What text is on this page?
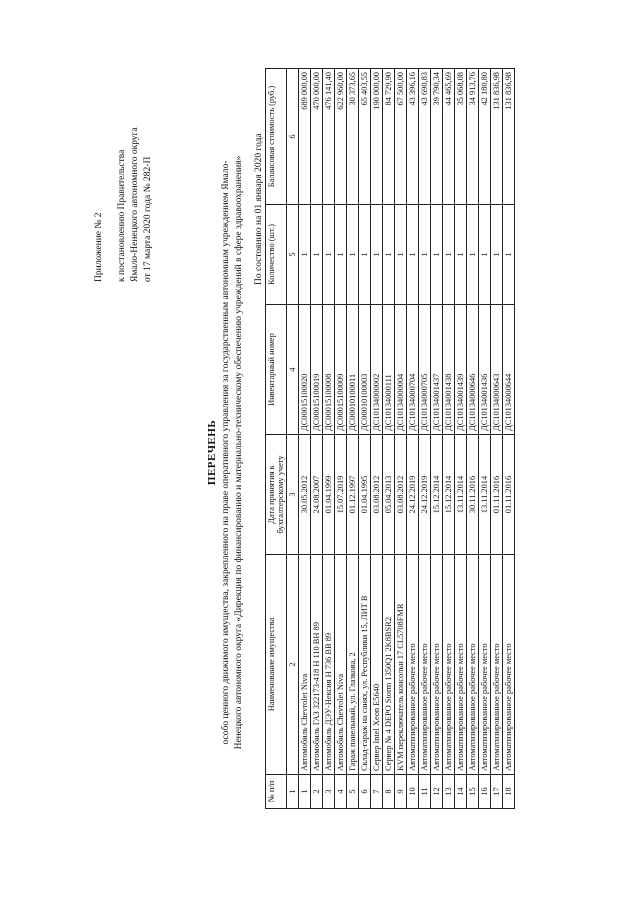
Приложение № 2 к постановлению Правительства Ямало-Ненецкого автономного округа от 17 марта 2020 года № 282-П
ПЕРЕЧЕНЬ особо ценного движимого имущества, закрепленного на праве оперативного управления за государственным автономным учреждением Ямало- Ненецкого автономного округа «Дирекция по финансированию и материально-техническому обеспечению учреждений в сфере здравоохранения» По состоянию на 01 января 2020 года
№ п/п	Наименование имущества	Дата принятия к бухгалтерскому учету	Инвентарный номер	Количество (шт.)	Балансовая стоимость (руб.)
1	2	3	4	5	6
1	Автомобиль Chevrolet Niva	30.05.2012	ДС00015100020	1	689 000,00
2	Автомобиль ГАЗ 322173-418 Н 110 ВН 89	24.08.2007	ДС00015100019	1	470 000,00
3	Автомобиль ДЭУ-Нексия Н 736 ВВ 89	01.04.1999	ДС00015100008	1	476 141,40
4	Автомобиль Chevrolet Niva	15.07.2019	ДС00015100009	1	622 960,00
5	Гараж панельный, ул. Глазкова, 2	01.12.1997	ДС00010100011	1	30 373,65
6	Склад-гараж на санях, ул. Республики 15, ЛИТ В	01.04.1995	ДС00010100003	1	65 403,55
7	Сервер Intel Xeon E5640	03.08.2012	ДС10134000002	1	190 000,00
8	Сервер № 4 DEPO Storm 1350Q1 2K8BSR2	05.04.2013	ДС10134000111	1	84 729,90
9	KVM переключатель консольн 17 CL5708FMR	03.08.2012	ДС10134000004	1	67 500,00
10	Автоматизированное рабочее место	24.12.2019	ДС10134000704	1	43 396,16
11	Автоматизированное рабочее место	24.12.2019	ДС10134000705	1	43 690,83
12	Автоматизированное рабочее место	15.12.2014	ДС10134001437	1	39 790,34
13	Автоматизированное рабочее место	15.12.2014	ДС10134001438	1	44 465,69
14	Автоматизированное рабочее место	13.11.2014	ДС10134001439	1	35 068,08
15	Автоматизированное рабочее место	30.11.2016	ДС10134000646	1	34 913,76
16	Автоматизированное рабочее место	13.11.2014	ДС10134001436	1	42 180,80
17	Автоматизированное рабочее место	01.11.2016	ДС10134000643	1	131 836,98
18	Автоматизированное рабочее место	01.11.2016	ДС10134000644	1	131 836,98
